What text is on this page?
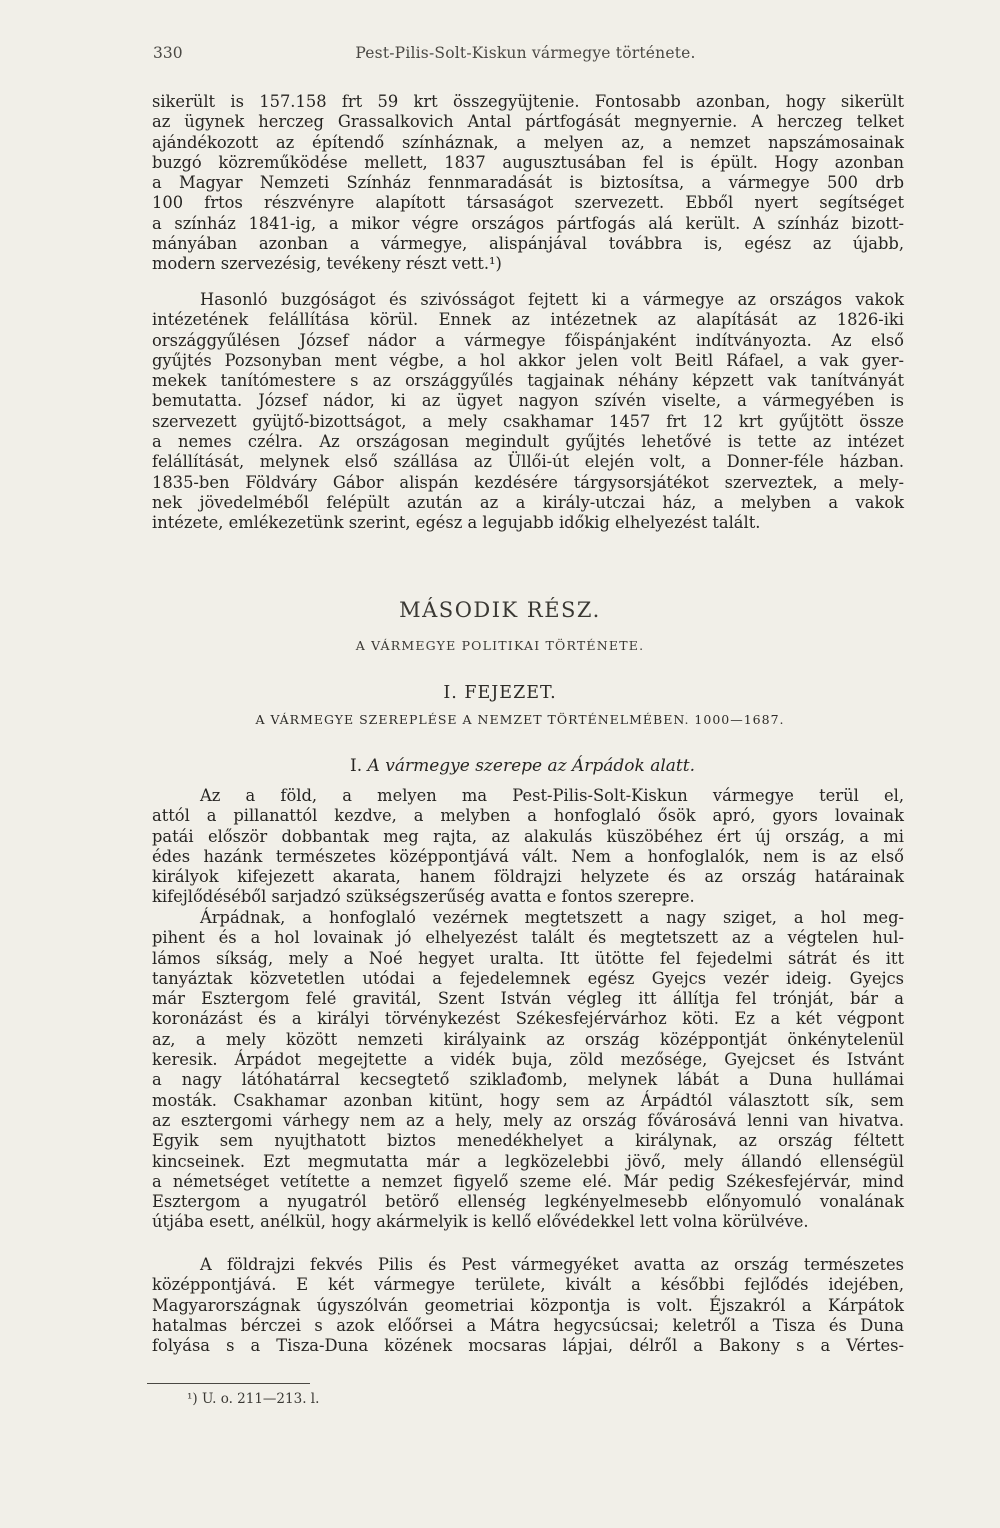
330	Pest-Pilis-Solt-Kiskun vármegye története.
sikerült is 157.158 frt 59 krt összegyüjtenie. Fontosabb azonban, hogy sikerült
az ügynek herczeg Grassalkovich Antal pártfogását megnyernie. A herczeg telket
ajándékozott az építendő színháznak, a melyen az, a nemzet napszámosainak
buzgó közreműködése mellett, 1837 augusztusában fel is épült. Hogy azonban
a Magyar Nemzeti Színház fennmaradását is biztosítsa, a vármegye 500 drb
100 frtos részvényre alapított társaságot szervezett. Ebből nyert segítséget
a színház 1841-ig, a mikor végre országos pártfogás alá került. A színház bizott-
mányában azonban a vármegye, alispánjával továbbra is, egész az újabb,
modern szervezésig, tevékeny részt vett.¹)
Hasonló buzgóságot és szivósságot fejtett ki a vármegye az országos vakok
intézetének felállítása körül. Ennek az intézetnek az alapítását az 1826-iki
országgyűlésen József nádor a vármegye főispánjaként indítványozta. Az első
gyűjtés Pozsonyban ment végbe, a hol akkor jelen volt Beitl Ráfael, a vak gyer-
mekek tanítómestere s az országgyűlés tagjainak néhány képzett vak tanítványát
bemutatta. József nádor, ki az ügyet nagyon szívén viselte, a vármegyében is
szervezett gyüjtő-bizottságot, a mely csakhamar 1457 frt 12 krt gyűjtött össze
a nemes czélra. Az országosan megindult gyűjtés lehetővé is tette az intézet
felállítását, melynek első szállása az Üllői-út elején volt, a Donner-féle házban.
1835-ben Földváry Gábor alispán kezdésére tárgysorsjátékot szerveztek, a mely-
nek jövedelméből felépült azután az a király-utczai ház, a melyben a vakok
intézete, emlékezetünk szerint, egész a legujabb időkig elhelyezést talált.
MÁSODIK RÉSZ.
A VÁRMEGYE POLITIKAI TÖRTÉNETE.
I. FEJEZET.
A VÁRMEGYE SZEREPLÉSE A NEMZET TÖRTÉNELMÉBEN. 1000—1687.
I. A vármegye szerepe az Árpádok alatt.
Az a föld, a melyen ma Pest-Pilis-Solt-Kiskun vármegye terül el,
attól a pillanattól kezdve, a melyben a honfoglaló ősök apró, gyors lovainak
patái először dobbantak meg rajta, az alakulás küszöbéhez ért új ország, a mi
édes hazánk természetes középpontjává vált. Nem a honfoglalók, nem is az első
királyok kifejezett akarata, hanem földrajzi helyzete és az ország határainak
kifejlődéséből sarjadzó szükségszerűség avatta e fontos szerepre.
Árpádnak, a honfoglaló vezérnek megtetszett a nagy sziget, a hol meg-
pihent és a hol lovainak jó elhelyezést talált és megtetszett az a végtelen hul-
lámos síkság, mely a Noé hegyet uralta. Itt ütötte fel fejedelmi sátrát és itt
tanyáztak közvetetlen utódai a fejedelemnek egész Gyejcs vezér ideig. Gyejcs
már Esztergom felé gravitál, Szent István végleg itt állítja fel trónját, bár a
koronázást és a királyi törvénykezést Székesfejérvárhoz köti. Ez a két végpont
az, a mely között nemzeti királyaink az ország középpontját önkénytelenül
keresik. Árpádot megejtette a vidék buja, zöld mezősége, Gyejcset és Istvánt
a nagy látóhatárral kecsegtető sziklađomb, melynek lábát a Duna hullámai
mosták. Csakhamar azonban kitünt, hogy sem az Árpádtól választott sík, sem
az esztergomi várhegy nem az a hely, mely az ország fővárosává lenni van hivatva.
Egyik sem nyujthatott biztos menedékhelyet a királynak, az ország féltett
kincseinek. Ezt megmutatta már a legközelebbi jövő, mely állandó ellenségül
a németséget vetítette a nemzet figyelő szeme elé. Már pedig Székesfejérvár, mind
Esztergom a nyugatról betörő ellenség legkényelmesebb előnyomuló vonalának
útjába esett, anélkül, hogy akármelyik is kellő elővédekkel lett volna körülvéve.
A földrajzi fekvés Pilis és Pest vármegyéket avatta az ország természetes
középpontjává. E két vármegye területe, kivált a későbbi fejlődés idejében,
Magyarországnak úgyszólván geometriai központja is volt. Éjszakról a Kárpátok
hatalmas bérczei s azok előőrsei a Mátra hegycsúcsai; keletről a Tisza és Duna
folyása s a Tisza-Duna közének mocsaras lápjai, délről a Bakony s a Vértes-
¹) U. o. 211—213. l.
